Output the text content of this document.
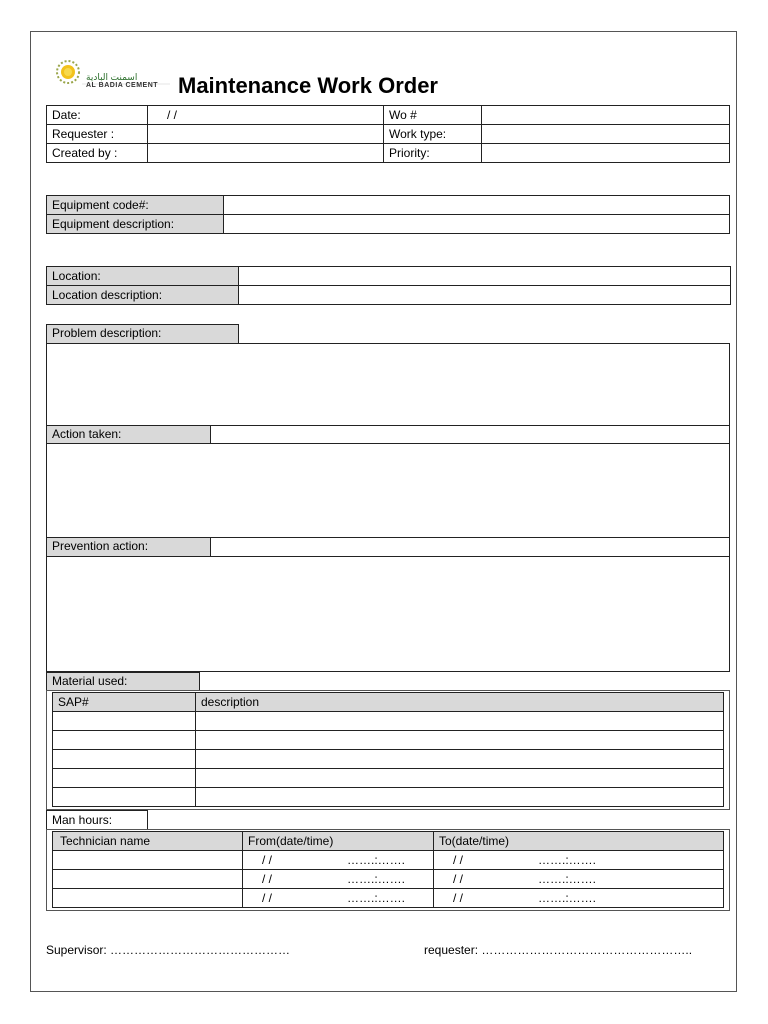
اسمنت البادية
AL BADIA CEMENT Maintenance Work Order
Date:	/ /	Wo #	
Requester :		Work type:	
Created by :		Priority:	
Equipment code#:	
Equipment description:	
Location:	
Location description:	
Problem description:
Action taken:
Prevention action:
Material used:
SAP#	description

Man hours:
Technician name	From(date/time)	To(date/time)
	/ / …….:…….	/ / …….:…….
	/ / …….:…….	/ / …….:…….
	/ / …….:…….	/ / …….:…….
Supervisor: ………………………………………	requester: ……………………………………………..
